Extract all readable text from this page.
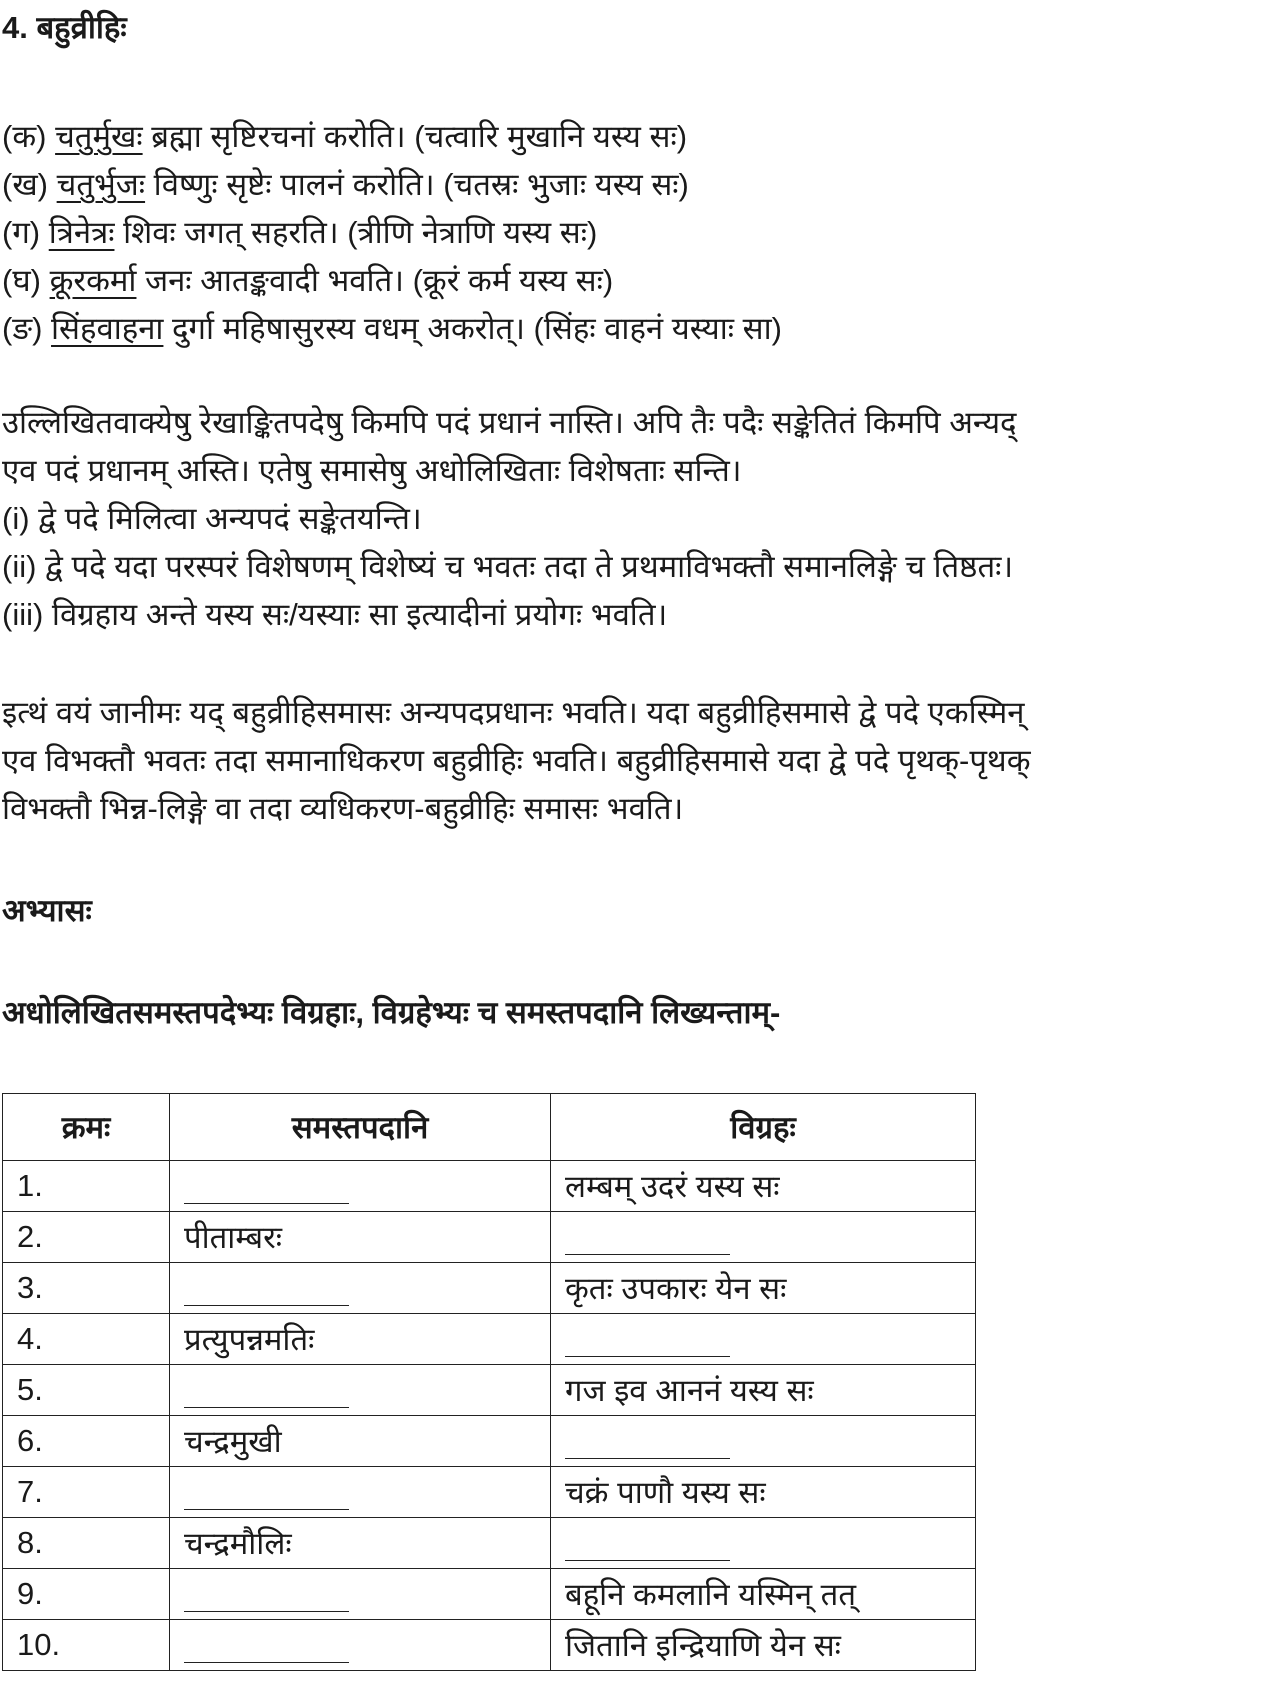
4. बहुव्रीहिः
(क) चतुर्मुखः ब्रह्मा सृष्टिरचनां करोति। (चत्वारि मुखानि यस्य सः)
(ख) चतुर्भुजः विष्णुः सृष्टेः पालनं करोति। (चतस्रः भुजाः यस्य सः)
(ग) त्रिनेत्रः शिवः जगत् सहरति। (त्रीणि नेत्राणि यस्य सः)
(घ) क्रूरकर्मा जनः आतङ्कवादी भवति। (क्रूरं कर्म यस्य सः)
(ङ) सिंहवाहना दुर्गा महिषासुरस्य वधम् अकरोत्। (सिंहः वाहनं यस्याः सा)
उल्लिखितवाक्येषु रेखाङ्कितपदेषु किमपि पदं प्रधानं नास्ति। अपि तैः पदैः सङ्केतितं किमपि अन्यद्
एव पदं प्रधानम् अस्ति। एतेषु समासेषु अधोलिखिताः विशेषताः सन्ति।
(i) द्वे पदे मिलित्वा अन्यपदं सङ्केतयन्ति।
(ii) द्वे पदे यदा परस्परं विशेषणम् विशेष्यं च भवतः तदा ते प्रथमाविभक्तौ समानलिङ्गे च तिष्ठतः।
(iii) विग्रहाय अन्ते यस्य सः/यस्याः सा इत्यादीनां प्रयोगः भवति।
इत्थं वयं जानीमः यद् बहुव्रीहिसमासः अन्यपदप्रधानः भवति। यदा बहुव्रीहिसमासे द्वे पदे एकस्मिन्
एव विभक्तौ भवतः तदा समानाधिकरण बहुव्रीहिः भवति। बहुव्रीहिसमासे यदा द्वे पदे पृथक्-पृथक्
विभक्तौ भिन्न-लिङ्गे वा तदा व्यधिकरण-बहुव्रीहिः समासः भवति।
अभ्यासः
अधोलिखितसमस्तपदेभ्यः विग्रहाः, विग्रहेभ्यः च समस्तपदानि लिख्यन्ताम्-
क्रमः	समस्तपदानि	विग्रहः
1.		लम्बम् उदरं यस्य सः
2.	पीताम्बरः	
3.		कृतः उपकारः येन सः
4.	प्रत्युपन्नमतिः	
5.		गज इव आननं यस्य सः
6.	चन्द्रमुखी	
7.		चक्रं पाणौ यस्य सः
8.	चन्द्रमौलिः	
9.		बहूनि कमलानि यस्मिन् तत्
10.		जितानि इन्द्रियाणि येन सः
